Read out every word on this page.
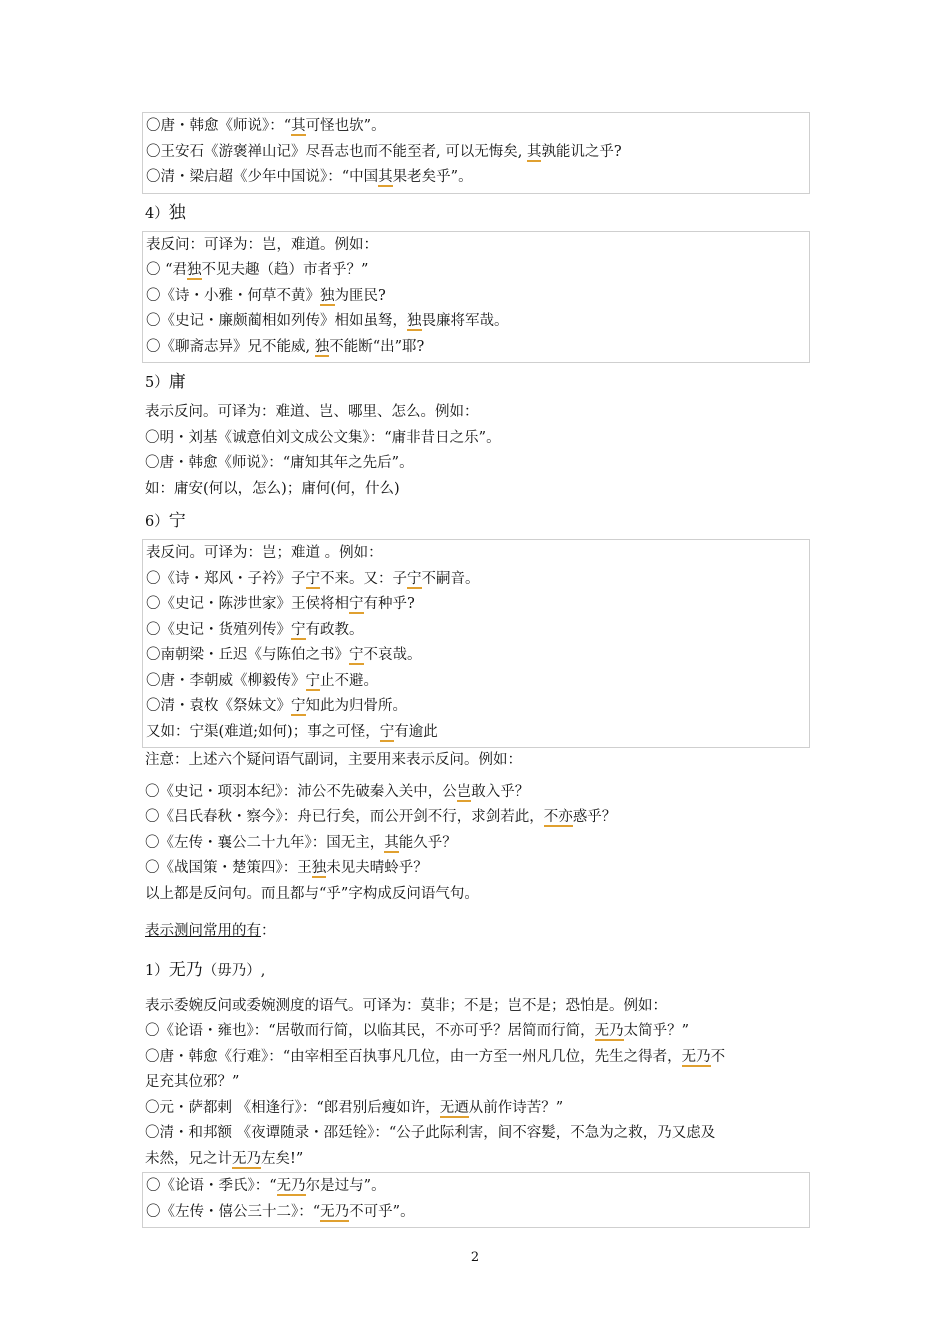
〇唐・韩愈《师说》：“其可怪也欤”。
〇王安石《游褒禅山记》尽吾志也而不能至者, 可以无悔矣, 其孰能讥之乎?
〇清・梁启超《少年中国说》：“中国其果老矣乎”。
4）独
表反问：可译为：岂，难道。例如：
〇 “君独不见夫趣（趋）市者乎？”
〇《诗・小雅・何草不黄》独为匪民?
〇《史记・廉颇蔺相如列传》相如虽驽，独畏廉将军哉。
〇《聊斋志异》兄不能威, 独不能断“出”耶?
5）庸
表示反问。可译为：难道、岂、哪里、怎么。例如：
〇明・刘基《诚意伯刘文成公文集》：“庸非昔日之乐”。
〇唐・韩愈《师说》：“庸知其年之先后”。
如：庸安(何以，怎么)；庸何(何，什么)
6）宁
表反问。可译为：岂；难道 。例如：
〇《诗・郑风・子衿》子宁不来。又：子宁不嗣音。
〇《史记・陈涉世家》王侯将相宁有种乎?
〇《史记・货殖列传》宁有政教。
〇南朝梁・丘迟《与陈伯之书》宁不哀哉。
〇唐・李朝威《柳毅传》宁止不避。
〇清・袁枚《祭妹文》宁知此为归骨所。
又如：宁渠(难道;如何)；事之可怪，宁有逾此
注意：上述六个疑问语气副词，主要用来表示反问。例如：
〇《史记・项羽本纪》：沛公不先破秦入关中，公岂敢入乎？
〇《吕氏春秋・察今》：舟已行矣，而公开剑不行，求剑若此，不亦惑乎？
〇《左传・襄公二十九年》：国无主，其能久乎？
〇《战国策・楚策四》：王独未见夫晴蛉乎？
以上都是反问句。而且都与“乎”字构成反问语气句。
表示测问常用的有：
1）无乃（毋乃）,
表示委婉反问或委婉测度的语气。可译为：莫非；不是；岂不是；恐怕是。例如：
〇《论语・雍也》：“居敬而行简，以临其民，不亦可乎？居简而行简，无乃太简乎？”
〇唐・韩愈《行难》：“由宰相至百执事凡几位，由一方至一州凡几位，先生之得者，无乃不
足充其位邪？”
〇元・萨都剌 《相逢行》：“郎君别后瘦如许，无迺从前作诗苦？”
〇清・和邦额 《夜谭随录・邵廷铨》：“公子此际利害，间不容髪，不急为之救，乃又虑及
未然，兄之计无乃左矣!”
〇《论语・季氏》：“无乃尔是过与”。
〇《左传・僖公三十二》：“无乃不可乎”。
2
